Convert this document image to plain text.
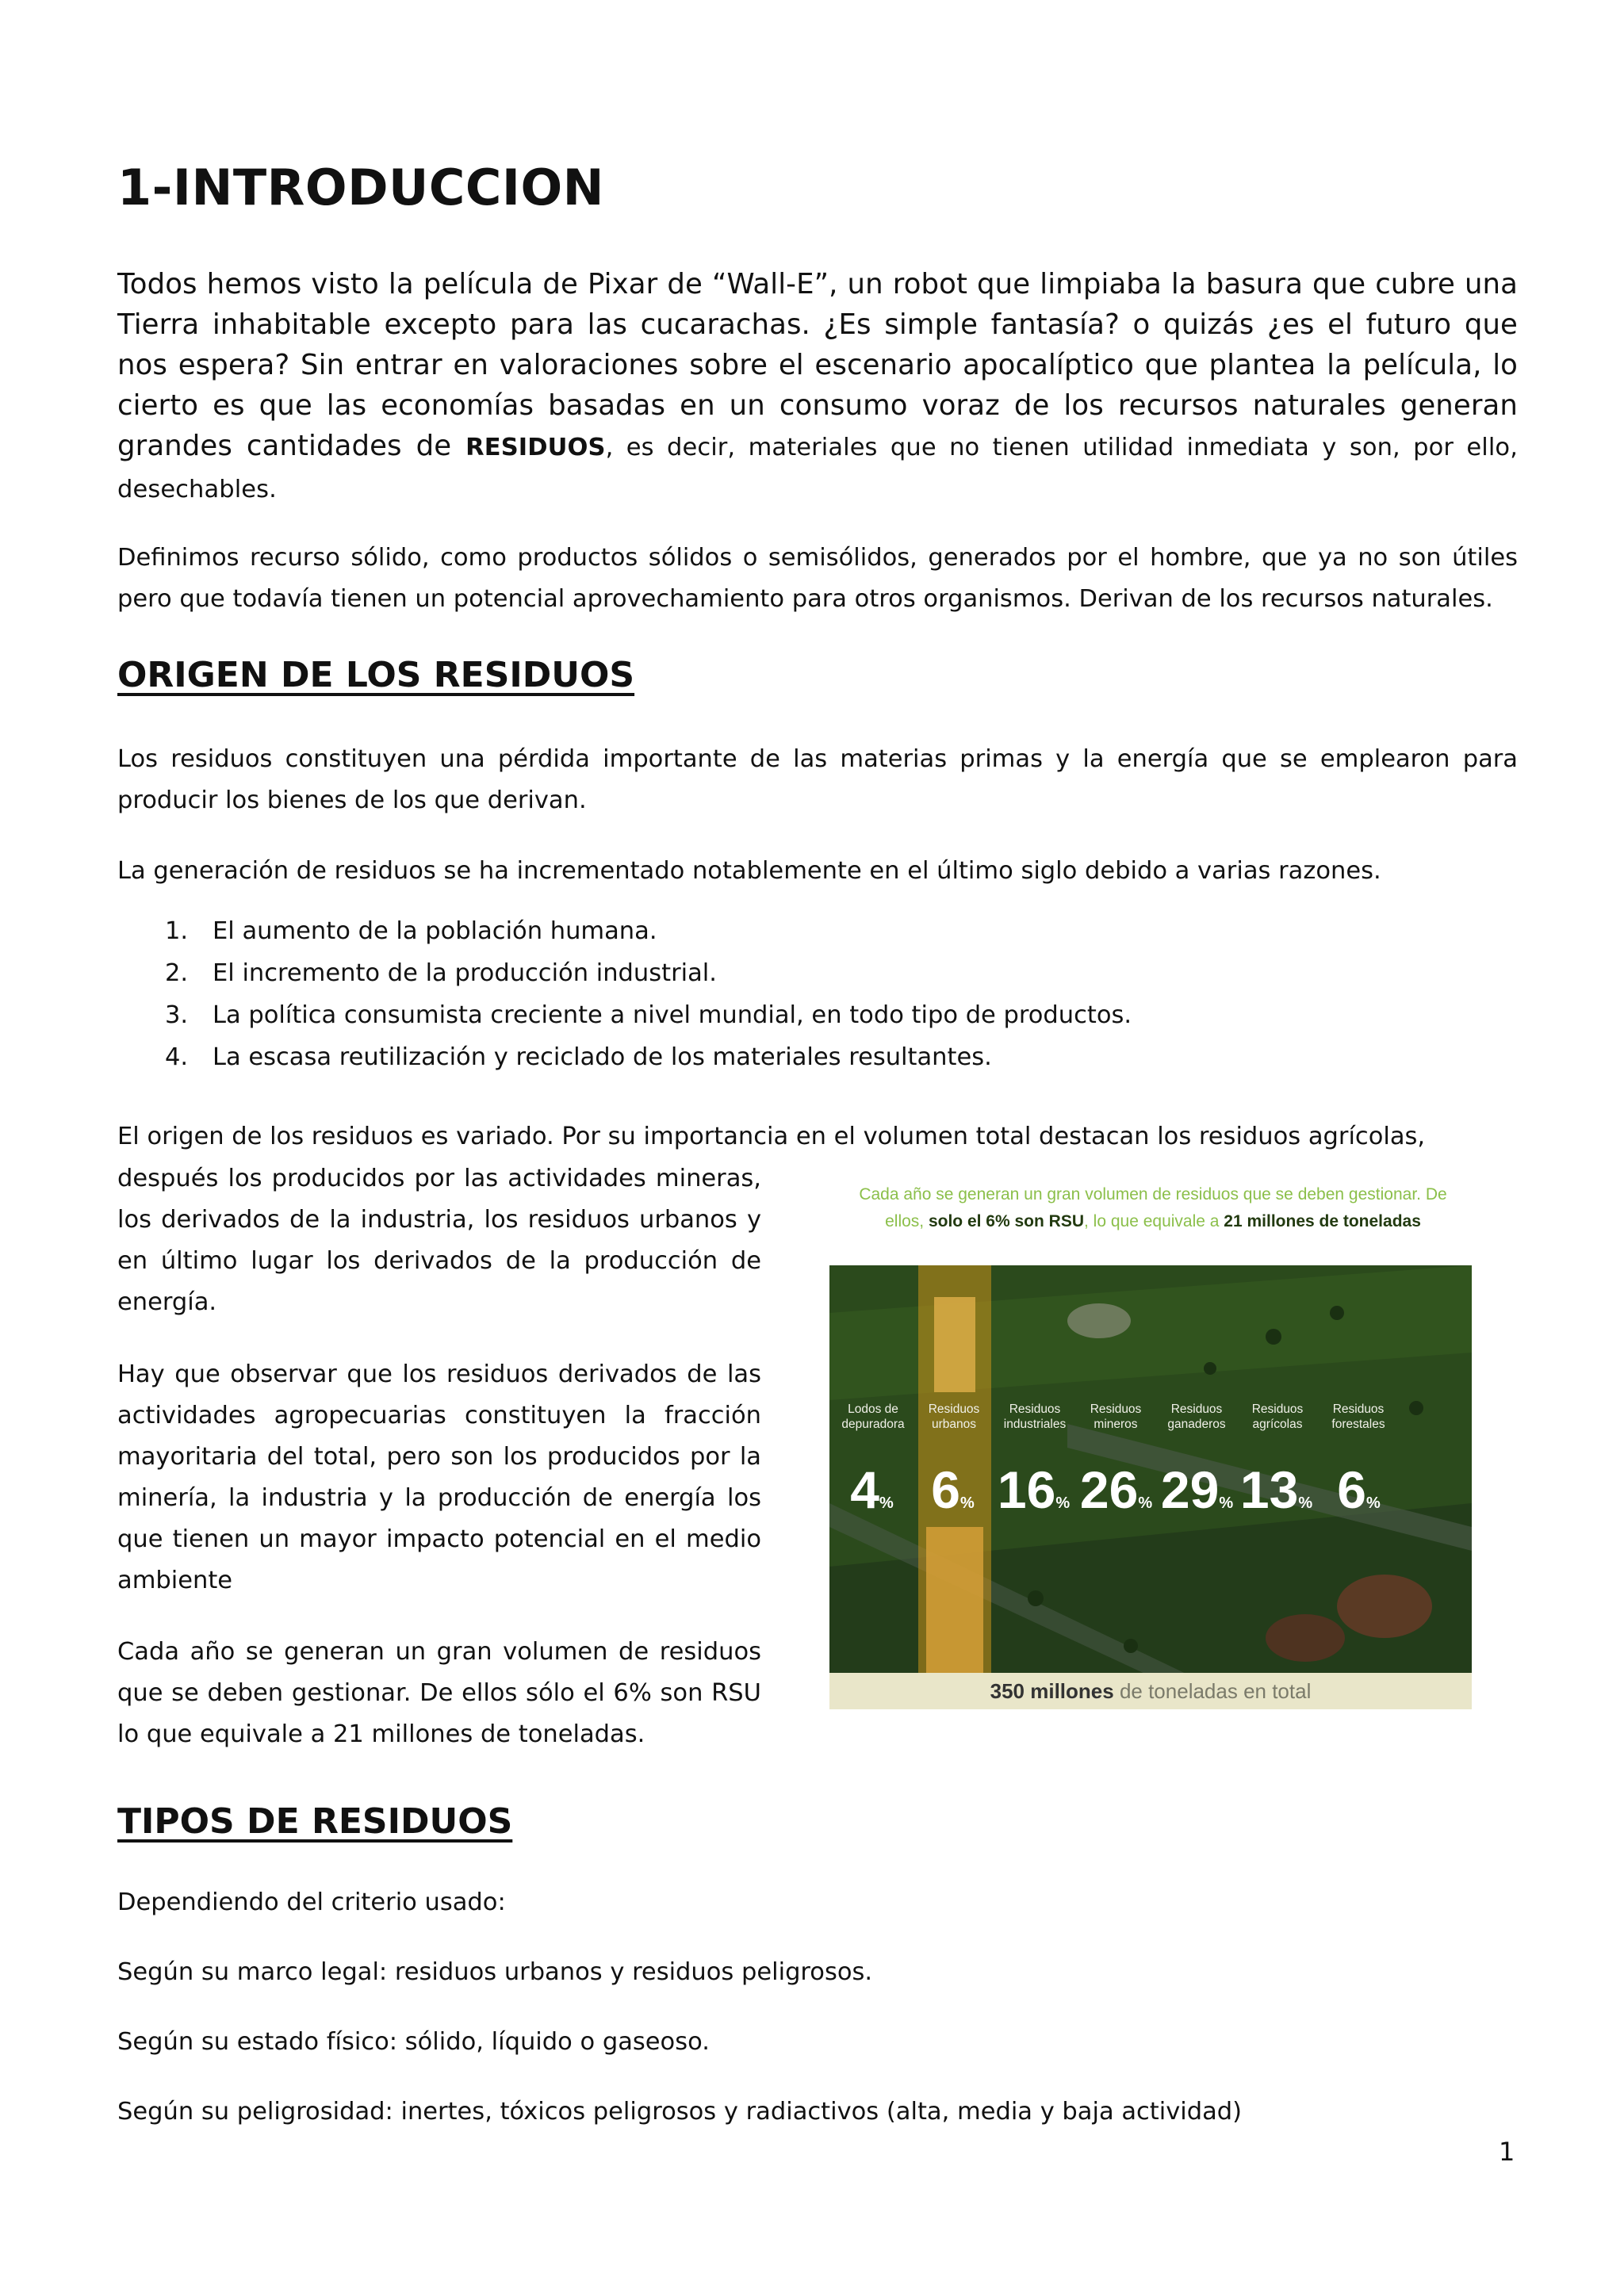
1-INTRODUCCION

Todos hemos visto la película de Pixar de “Wall-E”, un robot que limpiaba la basura que cubre una Tierra inhabitable excepto para las cucarachas. ¿Es simple fantasía? o quizás ¿es el futuro que nos espera? Sin entrar en valoraciones sobre el escenario apocalíptico que plantea la película, lo cierto es que las economías basadas en un consumo voraz de los recursos naturales generan grandes cantidades de RESIDUOS, es decir, materiales que no tienen utilidad inmediata y son, por ello, desechables.

Definimos recurso sólido, como productos sólidos o semisólidos, generados por el hombre, que ya no son útiles pero que todavía tienen un potencial aprovechamiento para otros organismos. Derivan de los recursos naturales.

ORIGEN DE LOS RESIDUOS

Los residuos constituyen una pérdida importante de las materias primas y la energía que se emplearon para producir los bienes de los que derivan.

La generación de residuos se ha incrementado notablemente en el último siglo debido a varias razones.

1. El aumento de la población humana.
2. El incremento de la producción industrial.
3. La política consumista creciente a nivel mundial, en todo tipo de productos.
4. La escasa reutilización y reciclado de los materiales resultantes.

El origen de los residuos es variado. Por su importancia en el volumen total destacan los residuos agrícolas,

después los producidos por las actividades mineras, los derivados de la industria, los residuos urbanos y en último lugar los derivados de la producción de energía.

Hay que observar que los residuos derivados de las actividades agropecuarias constituyen la fracción mayoritaria del total, pero son los producidos por la minería, la industria y la producción de energía los que tienen un mayor impacto potencial en el medio ambiente

Cada año se generan un gran volumen de residuos que se deben gestionar. De ellos sólo el 6% son RSU lo que equivale a 21 millones de toneladas.

Cada año se generan un gran volumen de residuos que se deben gestionar. De
ellos, solo el 6% son RSU, lo que equivale a 21 millones de toneladas
Lodos de depuradora
Residuos urbanos
Residuos industriales
Residuos mineros
Residuos ganaderos
Residuos agrícolas
Residuos forestales
4% 6% 16% 26% 29% 13% 6%
350 millones de toneladas en total
TIPOS DE RESIDUOS

Dependiendo del criterio usado:

Según su marco legal: residuos urbanos y residuos peligrosos.

Según su estado físico: sólido, líquido o gaseoso.

Según su peligrosidad: inertes, tóxicos peligrosos y radiactivos (alta, media y baja actividad)

1
